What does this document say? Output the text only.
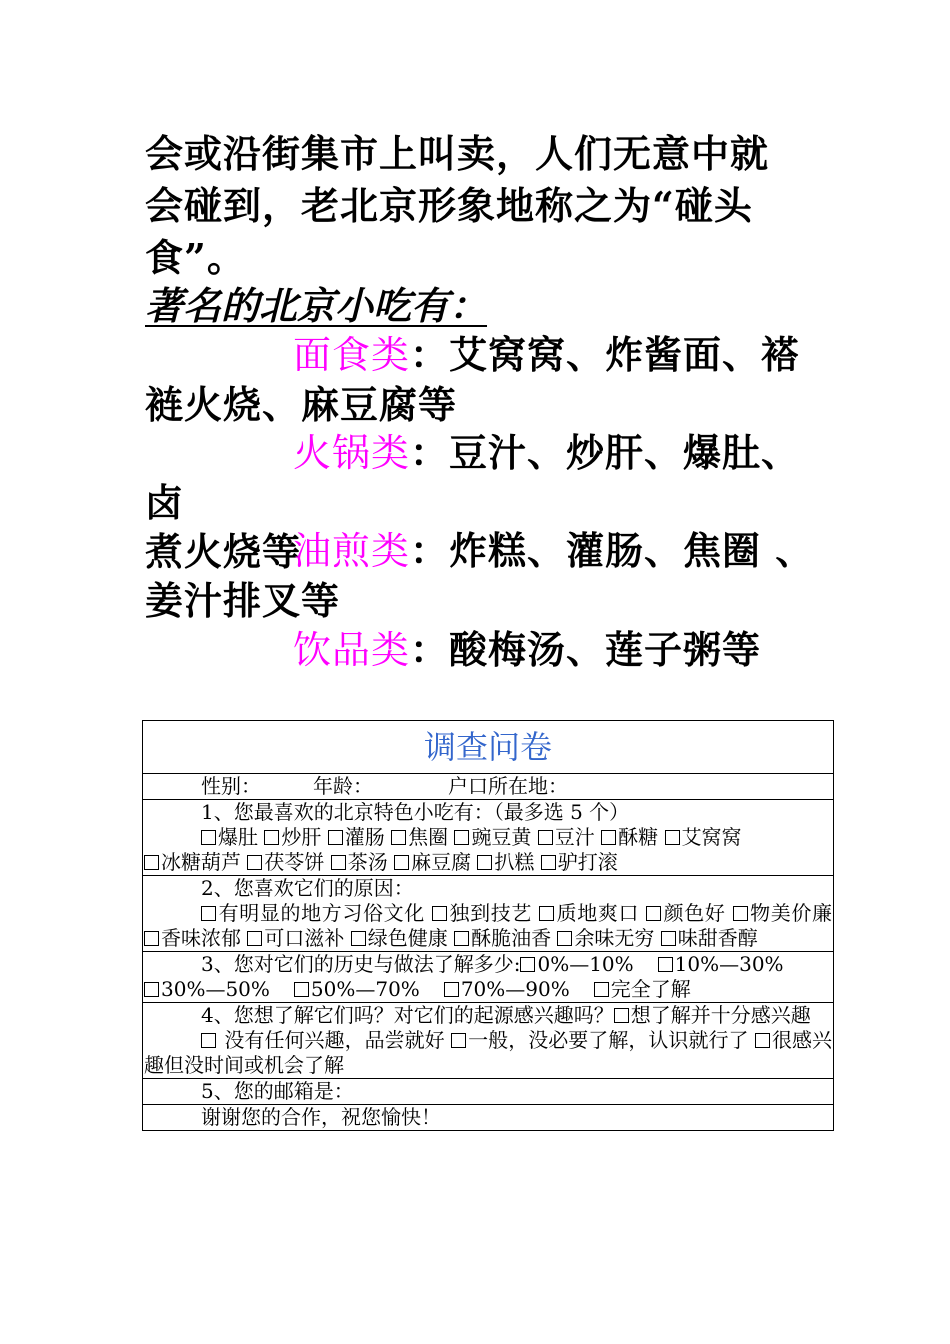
会或沿街集市上叫卖，人们无意中就

会碰到，老北京形象地称之为“碰头

食”。

著名的北京小吃有：
面食类：艾窝窝、炸酱面、褡
裢火烧、麻豆腐等
火锅类：豆汁、炒肝、爆肚、卤
煮火烧等
油煎类：炸糕、灌肠、焦圈 、
姜汁排叉等
饮品类：酸梅汤、莲子粥等
调查问卷
性别：	年龄：	户口所在地：
1、您最喜欢的北京特色小吃有：（最多选 5 个）
爆肚 炒肝 灌肠 焦圈 豌豆黄 豆汁 酥糖 艾窝窝
冰糖葫芦 茯苓饼 茶汤 麻豆腐 扒糕 驴打滚
2、您喜欢它们的原因：
有明显的地方习俗文化 独到技艺 质地爽口 颜色好 物美价廉 香味浓郁 可口滋补 绿色健康 酥脆油香 余味无穷 味甜香醇
3、您对它们的历史与做法了解多少: 0%—10% 10%—30%
30%—50% 50%—70% 70%—90% 完全了解
4、您想了解它们吗？对它们的起源感兴趣吗？ 想了解并十分感兴趣
没有任何兴趣，品尝就好 一般，没必要了解，认识就行了 很感兴趣但没时间或机会了解
5、您的邮箱是：
谢谢您的合作，祝您愉快！
